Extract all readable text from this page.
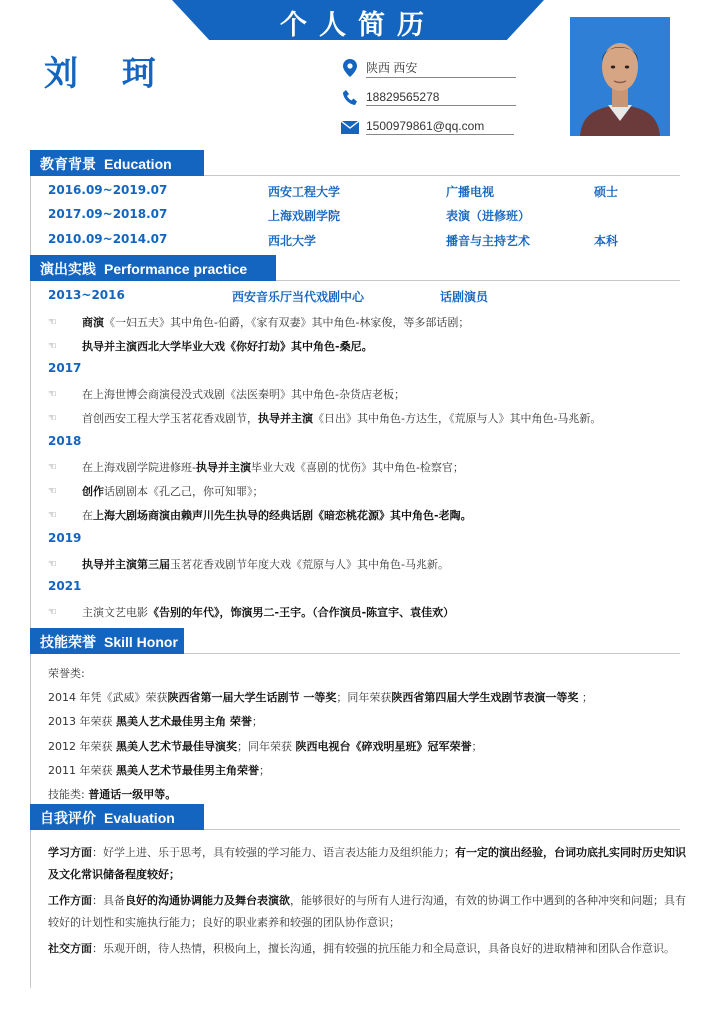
个人简历
刘 珂	陕西 西安
18829565278
1500979861@qq.com
教育背景 Education
2016.09~2019.07	西安工程大学	广播电视	硕士
2017.09~2018.07	上海戏剧学院	表演（进修班）
2010.09~2014.07	西北大学	播音与主持艺术	本科
演出实践 Performance practice
2013~2016	西安音乐厅当代戏剧中心	话剧演员
☜	商演 《一妇五夫》其中角色-伯爵，《家有双妻》其中角色-林家俊，等多部话剧；
☜	执导并主演 西北大学毕业大戏《你好打劫》其中角色-桑尼。
2017
☜	在上海世博会商演侵没式戏剧《法医秦明》其中角色-杂货店老板；
☜	首创西安工程大学玉茗花香戏剧节， 执导并主演 《日出》其中角色-方达生，《荒原与人》其中角色-马兆新。
2018
☜	在上海戏剧学院进修班- 执导并主演 毕业大戏《喜剧的忧伤》其中角色-检察官；
☜	创作 话剧剧本《孔乙己，你可知罪》；
☜	在 上海大剧场商演由赖声川先生执导的经典话剧《暗恋桃花源》其中角色-老陶。
2019
☜	执导并主演第三届 玉茗花香戏剧节年度大戏《荒原与人》其中角色-马兆新。
2021
☜	主演文艺电影 《告别的年代》，饰演男二-王宇。（合作演员-陈宣宇、袁佳欢）
技能荣誉 Skill Honor
荣誉类:
2014 年凭《武威》荣获陕西省第一届大学生话剧节 一等奖；同年荣获陕西省第四届大学生戏剧节表演一等奖 ；
2013 年荣获 黑美人艺术最佳男主角 荣誉；
2012 年荣获 黑美人艺术节最佳导演奖；同年荣获 陕西电视台《碎戏明星班》冠军荣誉；
2011 年荣获 黑美人艺术节最佳男主角荣誉；
技能类: 普通话一级甲等。
自我评价 Evaluation
学习方面：好学上进、乐于思考，具有较强的学习能力、语言表达能力及组织能力；有一定的演出经验，台词功底扎实同时历史知识及文化常识储备程度较好；
工作方面：具备良好的沟通协调能力及舞台表演欲，能够很好的与所有人进行沟通，有效的协调工作中遇到的各种冲突和问题；具有较好的计划性和实施执行能力；良好的职业素养和较强的团队协作意识；
社交方面：乐观开朗，待人热情，积极向上，擅长沟通，拥有较强的抗压能力和全局意识，具备良好的进取精神和团队合作意识。
